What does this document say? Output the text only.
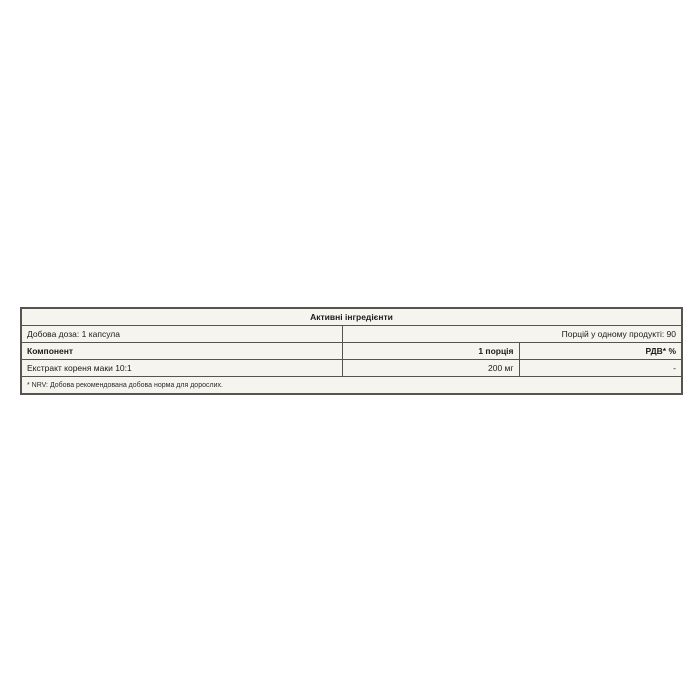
Активні інгредієнти		
Добова доза: 1 капсула	Порцій у одному продукті: 90	
Компонент	1 порція	РДВ* %
Екстракт кореня маки 10:1	200 мг	-
* NRV: Добова рекомендована добова норма для дорослих.		
